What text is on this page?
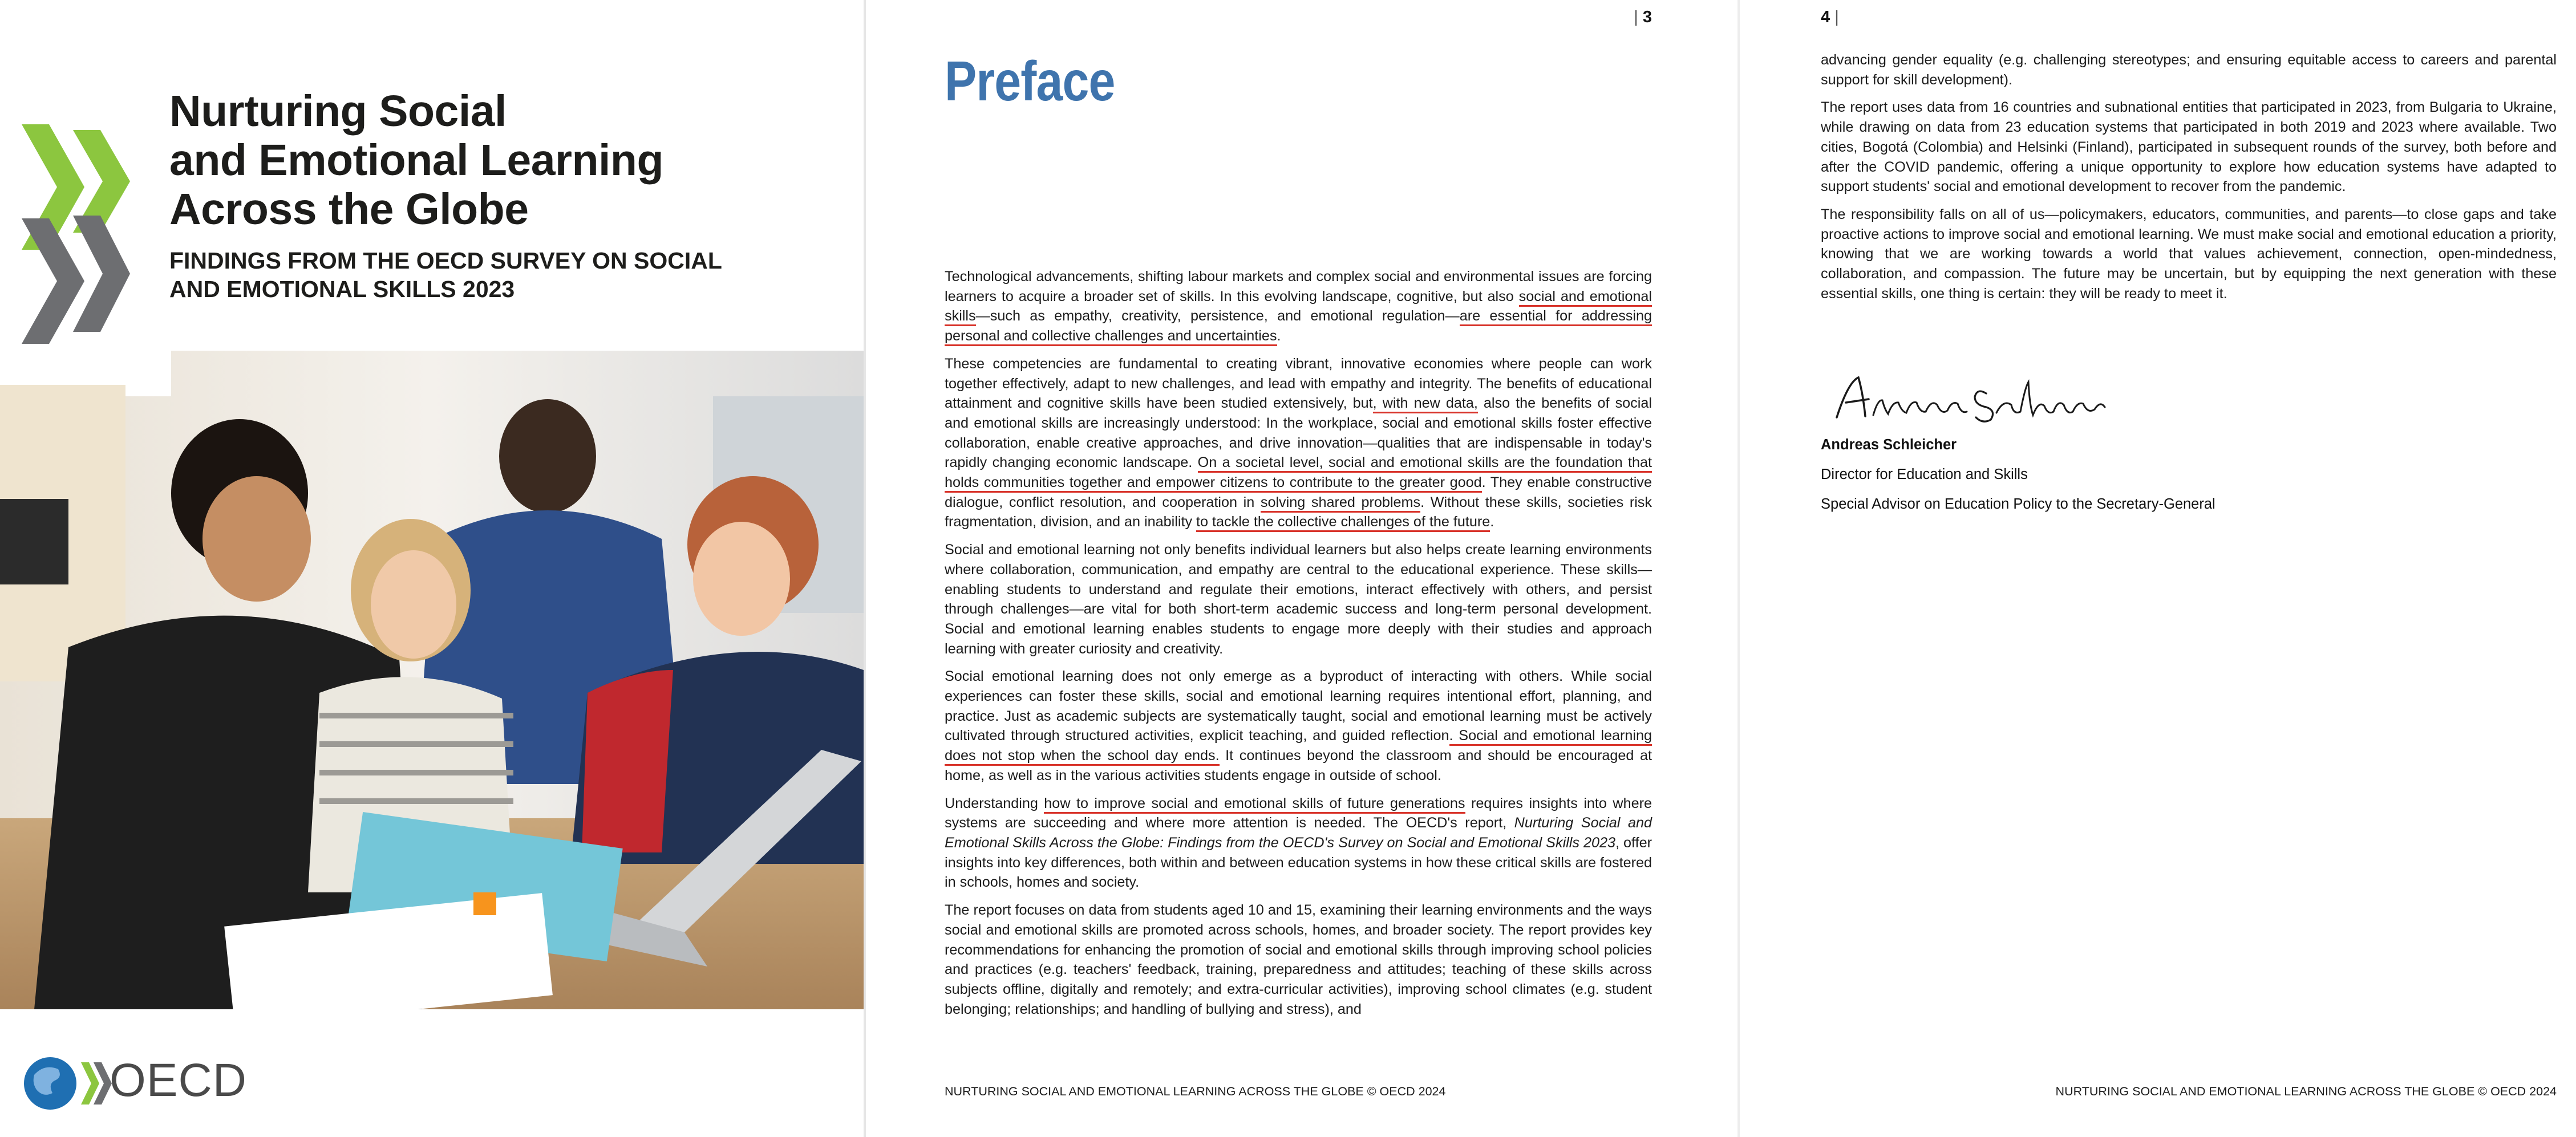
Nurturing Social
and Emotional Learning
Across the Globe
FINDINGS FROM THE OECD SURVEY ON SOCIAL
AND EMOTIONAL SKILLS 2023
OECD
| 3
Preface

Technological advancements, shifting labour markets and complex social and environmental issues are forcing learners to acquire a broader set of skills. In this evolving landscape, cognitive, but also social and emotional skills—such as empathy, creativity, persistence, and emotional regulation—are essential for addressing personal and collective challenges and uncertainties.

These competencies are fundamental to creating vibrant, innovative economies where people can work together effectively, adapt to new challenges, and lead with empathy and integrity. The benefits of educational attainment and cognitive skills have been studied extensively, but, with new data, also the benefits of social and emotional skills are increasingly understood: In the workplace, social and emotional skills foster effective collaboration, enable creative approaches, and drive innovation—qualities that are indispensable in today's rapidly changing economic landscape. On a societal level, social and emotional skills are the foundation that holds communities together and empower citizens to contribute to the greater good. They enable constructive dialogue, conflict resolution, and cooperation in solving shared problems. Without these skills, societies risk fragmentation, division, and an inability to tackle the collective challenges of the future.

Social and emotional learning not only benefits individual learners but also helps create learning environments where collaboration, communication, and empathy are central to the educational experience. These skills—enabling students to understand and regulate their emotions, interact effectively with others, and persist through challenges—are vital for both short-term academic success and long-term personal development. Social and emotional learning enables students to engage more deeply with their studies and approach learning with greater curiosity and creativity.

Social emotional learning does not only emerge as a byproduct of interacting with others. While social experiences can foster these skills, social and emotional learning requires intentional effort, planning, and practice. Just as academic subjects are systematically taught, social and emotional learning must be actively cultivated through structured activities, explicit teaching, and guided reflection. Social and emotional learning does not stop when the school day ends. It continues beyond the classroom and should be encouraged at home, as well as in the various activities students engage in outside of school.

Understanding how to improve social and emotional skills of future generations requires insights into where systems are succeeding and where more attention is needed. The OECD's report, Nurturing Social and Emotional Skills Across the Globe: Findings from the OECD's Survey on Social and Emotional Skills 2023, offer insights into key differences, both within and between education systems in how these critical skills are fostered in schools, homes and society.

The report focuses on data from students aged 10 and 15, examining their learning environments and the ways social and emotional skills are promoted across schools, homes, and broader society. The report provides key recommendations for enhancing the promotion of social and emotional skills through improving school policies and practices (e.g. teachers' feedback, training, preparedness and attitudes; teaching of these skills across subjects offline, digitally and remotely; and extra-curricular activities), improving school climates (e.g. student belonging; relationships; and handling of bullying and stress), and

NURTURING SOCIAL AND EMOTIONAL LEARNING ACROSS THE GLOBE © OECD 2024
4 |

advancing gender equality (e.g. challenging stereotypes; and ensuring equitable access to careers and parental support for skill development).

The report uses data from 16 countries and subnational entities that participated in 2023, from Bulgaria to Ukraine, while drawing on data from 23 education systems that participated in both 2019 and 2023 where available. Two cities, Bogotá (Colombia) and Helsinki (Finland), participated in subsequent rounds of the survey, both before and after the COVID pandemic, offering a unique opportunity to explore how education systems have adapted to support students' social and emotional development to recover from the pandemic.

The responsibility falls on all of us—policymakers, educators, communities, and parents—to close gaps and take proactive actions to improve social and emotional learning. We must make social and emotional education a priority, knowing that we are working towards a world that values achievement, connection, open-mindedness, collaboration, and compassion. The future may be uncertain, but by equipping the next generation with these essential skills, one thing is certain: they will be ready to meet it.

Andreas Schleicher
Director for Education and Skills
Special Advisor on Education Policy to the Secretary-General
NURTURING SOCIAL AND EMOTIONAL LEARNING ACROSS THE GLOBE © OECD 2024
